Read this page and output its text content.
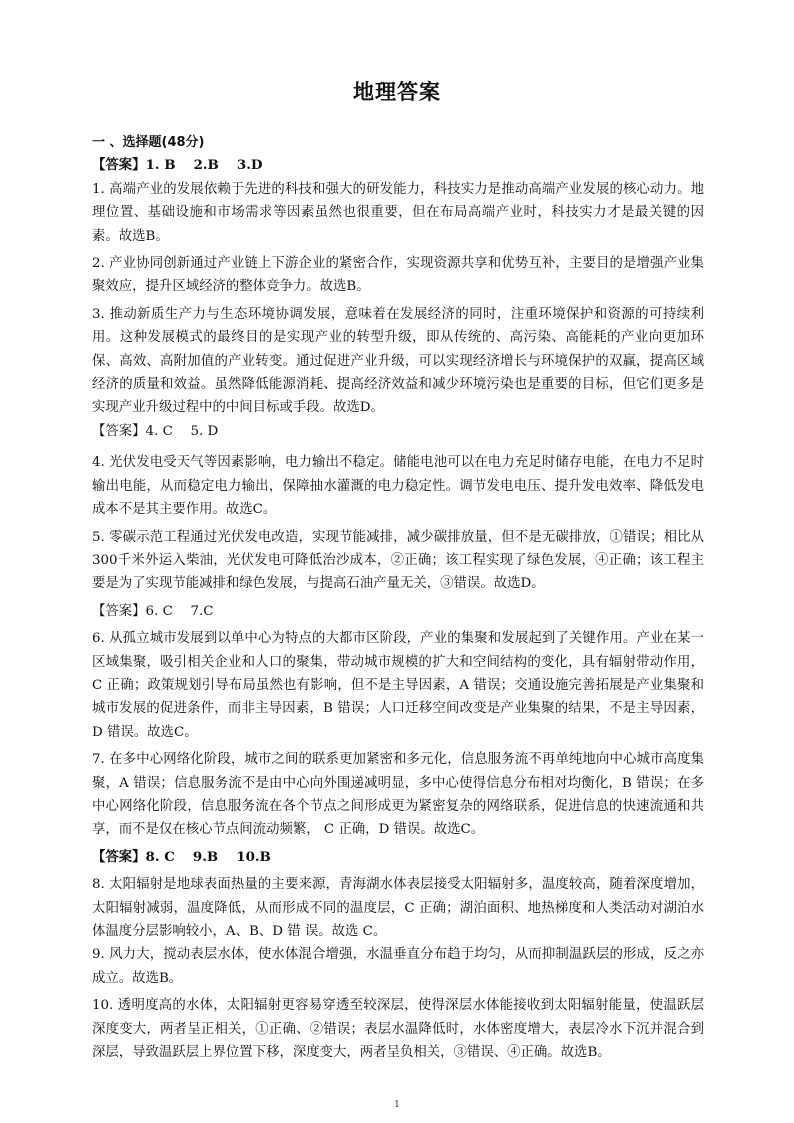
地理答案

一 、选择题(48分)

【答案】1. B　 2.B　 3.D

1. 高端产业的发展依赖于先进的科技和强大的研发能力，科技实力是推动高端产业发展的核心动力。地理位置、基础设施和市场需求等因素虽然也很重要，但在布局高端产业时，科技实力才是最关键的因素。故选B。

2. 产业协同创新通过产业链上下游企业的紧密合作，实现资源共享和优势互补，主要目的是增强产业集聚效应，提升区域经济的整体竞争力。故选B。

3. 推动新质生产力与生态环境协调发展，意味着在发展经济的同时，注重环境保护和资源的可持续利用。这种发展模式的最终目的是实现产业的转型升级，即从传统的、高污染、高能耗的产业向更加环保、高效、高附加值的产业转变。通过促进产业升级，可以实现经济增长与环境保护的双赢，提高区域经济的质量和效益。虽然降低能源消耗、提高经济效益和减少环境污染也是重要的目标，但它们更多是实现产业升级过程中的中间目标或手段。故选D。

【答案】4. C　 5. D

4. 光伏发电受天气等因素影响，电力输出不稳定。储能电池可以在电力充足时储存电能，在电力不足时输出电能，从而稳定电力输出，保障抽水灌溉的电力稳定性。调节发电电压、提升发电效率、降低发电成本不是其主要作用。故选C。

5. 零碳示范工程通过光伏发电改造，实现节能减排，减少碳排放量，但不是无碳排放，①错误；相比从300千米外运入柴油，光伏发电可降低治沙成本，②正确；该工程实现了绿色发展，④正确；该工程主要是为了实现节能减排和绿色发展，与提高石油产量无关，③错误。故选D。

【答案】6. C　 7.C

6. 从孤立城市发展到以单中心为特点的大都市区阶段，产业的集聚和发展起到了关键作用。产业在某一区域集聚，吸引相关企业和人口的聚集，带动城市规模的扩大和空间结构的变化，具有辐射带动作用，C 正确；政策规划引导布局虽然也有影响，但不是主导因素，A 错误；交通设施完善拓展是产业集聚和城市发展的促进条件，而非主导因素，B 错误；人口迁移空间改变是产业集聚的结果，不是主导因素， D 错误。故选C。

7. 在多中心网络化阶段，城市之间的联系更加紧密和多元化，信息服务流不再单纯地向中心城市高度集聚，A 错误；信息服务流不是由中心向外围递减明显，多中心使得信息分布相对均衡化，B 错误；在多中心网络化阶段，信息服务流在各个节点之间形成更为紧密复杂的网络联系，促进信息的快速流通和共享，而不是仅在核心节点间流动频繁， C 正确，D 错误。故选C。

【答案】8. C　 9.B　 10.B

8. 太阳辐射是地球表面热量的主要来源，青海湖水体表层接受太阳辐射多，温度较高，随着深度增加，太阳辐射减弱，温度降低，从而形成不同的温度层，C 正确；湖泊面积、地热梯度和人类活动对湖泊水体温度分层影响较小，A、B、D 错 误。故选 C。

9. 风力大，搅动表层水体，使水体混合增强，水温垂直分布趋于均匀，从而抑制温跃层的形成，反之亦成立。故选B。

10. 透明度高的水体，太阳辐射更容易穿透至较深层，使得深层水体能接收到太阳辐射能量，使温跃层深度变大，两者呈正相关，①正确、②错误；表层水温降低时，水体密度增大，表层冷水下沉并混合到深层，导致温跃层上界位置下移，深度变大，两者呈负相关，③错误、④正确。故选B。

1
